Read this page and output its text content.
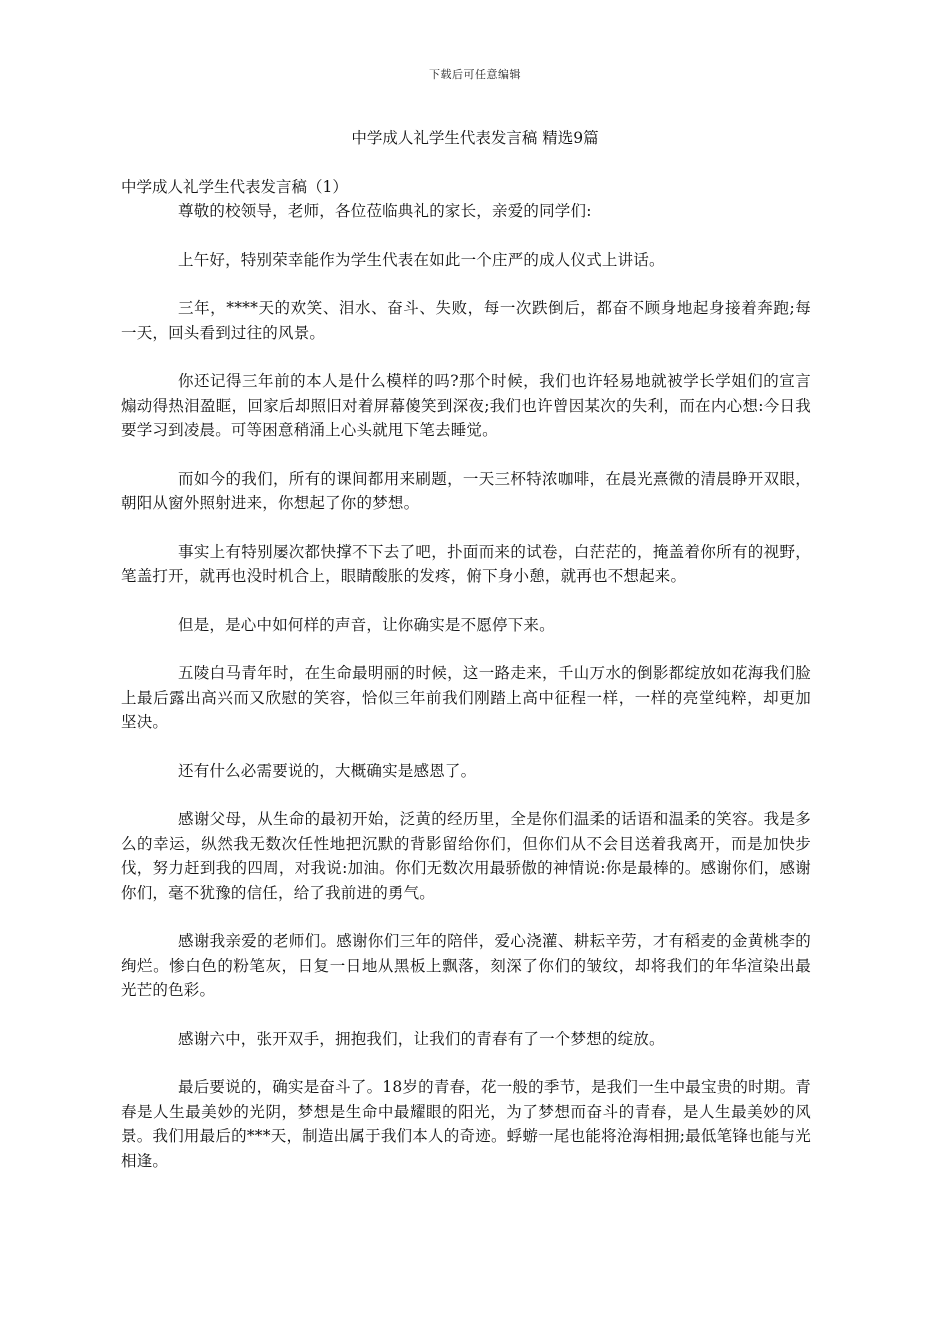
下载后可任意编辑
中学成人礼学生代表发言稿 精选9篇

中学成人礼学生代表发言稿（1）

尊敬的校领导，老师，各位莅临典礼的家长，亲爱的同学们:

上午好，特别荣幸能作为学生代表在如此一个庄严的成人仪式上讲话。

三年，****天的欢笑、泪水、奋斗、失败，每一次跌倒后，都奋不顾身地起身接着奔跑;每一天，回头看到过往的风景。

你还记得三年前的本人是什么模样的吗?那个时候，我们也许轻易地就被学长学姐们的宣言煽动得热泪盈眶，回家后却照旧对着屏幕傻笑到深夜;我们也许曾因某次的失利，而在内心想:今日我要学习到凌晨。可等困意稍涌上心头就甩下笔去睡觉。

而如今的我们，所有的课间都用来刷题，一天三杯特浓咖啡，在晨光熹微的清晨睁开双眼，朝阳从窗外照射进来，你想起了你的梦想。

事实上有特别屡次都快撑不下去了吧，扑面而来的试卷，白茫茫的，掩盖着你所有的视野，笔盖打开，就再也没时机合上，眼睛酸胀的发疼，俯下身小憩，就再也不想起来。

但是，是心中如何样的声音，让你确实是不愿停下来。

五陵白马青年时，在生命最明丽的时候，这一路走来，千山万水的倒影都绽放如花海我们脸上最后露出高兴而又欣慰的笑容，恰似三年前我们刚踏上高中征程一样，一样的亮堂纯粹，却更加坚决。

还有什么必需要说的，大概确实是感恩了。

感谢父母，从生命的最初开始，泛黄的经历里，全是你们温柔的话语和温柔的笑容。我是多么的幸运，纵然我无数次任性地把沉默的背影留给你们，但你们从不会目送着我离开，而是加快步伐，努力赶到我的四周，对我说:加油。你们无数次用最骄傲的神情说:你是最棒的。感谢你们，感谢你们，毫不犹豫的信任，给了我前进的勇气。

感谢我亲爱的老师们。感谢你们三年的陪伴，爱心浇灌、耕耘辛劳，才有稻麦的金黄桃李的绚烂。惨白色的粉笔灰，日复一日地从黑板上飘落，刻深了你们的皱纹，却将我们的年华渲染出最光芒的色彩。

感谢六中，张开双手，拥抱我们，让我们的青春有了一个梦想的绽放。

最后要说的，确实是奋斗了。18岁的青春，花一般的季节，是我们一生中最宝贵的时期。青春是人生最美妙的光阴，梦想是生命中最耀眼的阳光，为了梦想而奋斗的青春，是人生最美妙的风景。我们用最后的***天，制造出属于我们本人的奇迹。蜉蝣一尾也能将沧海相拥;最低笔锋也能与光相逢。
